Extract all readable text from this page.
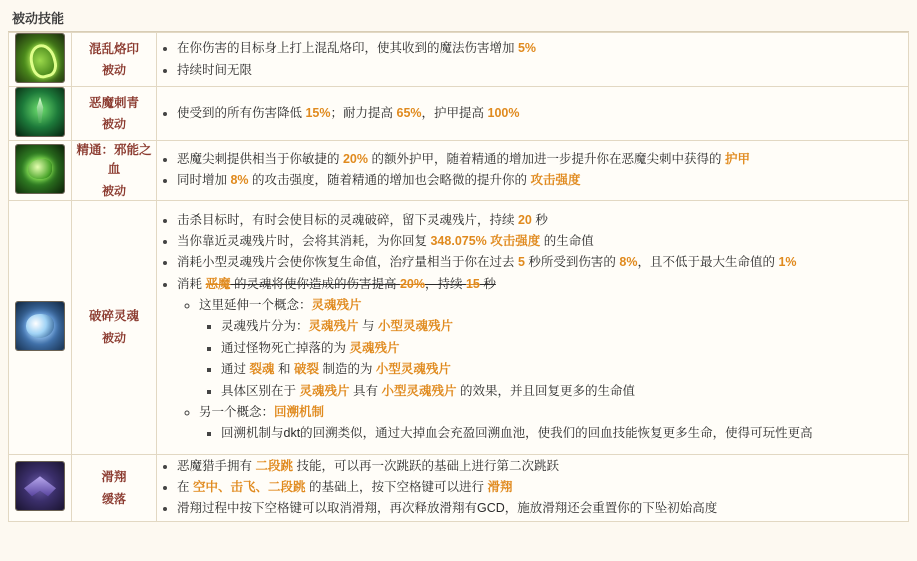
被动技能
	混乱烙印
被动

• 在你伤害的目标身上打上混乱烙印，使其收到的魔法伤害增加 5%
• 持续时间无限

	恶魔刺青
被动

• 使受到的所有伤害降低 15%；耐力提高 65%，护甲提高 100%

	精通：邪能之血
被动

• 恶魔尖刺提供相当于你敏捷的 20% 的额外护甲，随着精通的增加进一步提升你在恶魔尖刺中获得的 护甲
• 同时增加 8% 的攻击强度，随着精通的增加也会略微的提升你的 攻击强度

	破碎灵魂
被动

• 击杀目标时，有时会使目标的灵魂破碎，留下灵魂残片，持续 20 秒
• 当你靠近灵魂残片时，会将其消耗，为你回复 348.075% 攻击强度 的生命值
• 消耗小型灵魂残片会使你恢复生命值，治疗量相当于你在过去 5 秒所受到伤害的 8%，且不低于最大生命值的 1%
• 消耗 恶魔 的灵魂将使你造成的伤害提高 20%，持续 15 秒
◦ 这里延伸一个概念：灵魂残片
▪ 灵魂残片分为：灵魂残片 与 小型灵魂残片
▪ 通过怪物死亡掉落的为 灵魂残片
▪ 通过 裂魂 和 破裂 制造的为 小型灵魂残片
▪ 具体区别在于 灵魂残片 具有 小型灵魂残片 的效果，并且回复更多的生命值
◦ 另一个概念：回溯机制
▪ 回溯机制与dkt的回溯类似，通过大掉血会充盈回溯血池，使我们的回血技能恢复更多生命，使得可玩性更高

	滑翔
缓落

• 恶魔猎手拥有 二段跳 技能，可以再一次跳跃的基础上进行第二次跳跃
• 在 空中、击飞、二段跳 的基础上，按下空格键可以进行 滑翔
• 滑翔过程中按下空格键可以取消滑翔，再次释放滑翔有GCD，施放滑翔还会重置你的下坠初始高度
